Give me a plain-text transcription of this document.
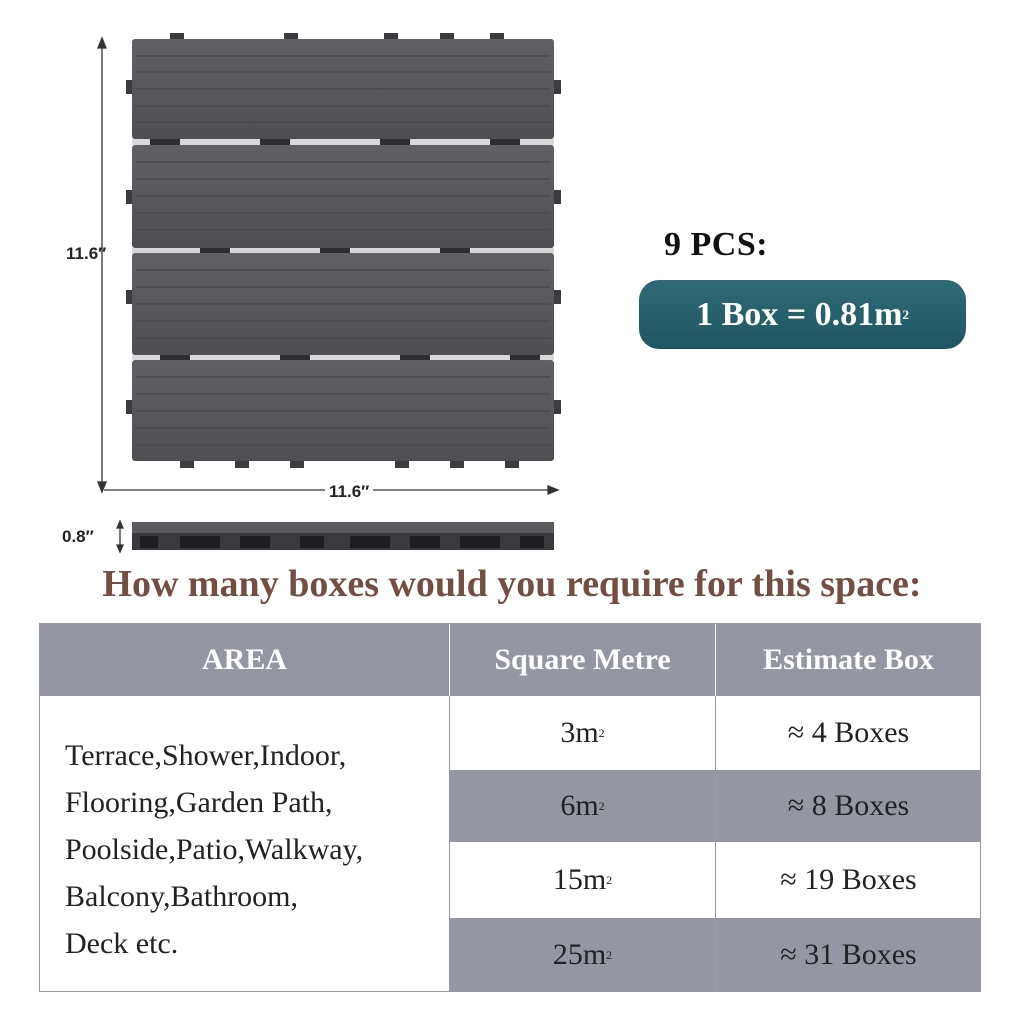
11.6″
11.6″
0.8″
9 PCS:
1 Box = 0.81m 2
How many boxes would you require for this space:
AREA	Square Metre	Estimate Box
Terrace,Shower,Indoor,
Flooring,Garden Path,
Poolside,Patio,Walkway,
Balcony,Bathroom,
Deck etc.
3m 2	≈ 4 Boxes
6m 2	≈ 8 Boxes
15m 2	≈ 19 Boxes
25m 2	≈ 31 Boxes
